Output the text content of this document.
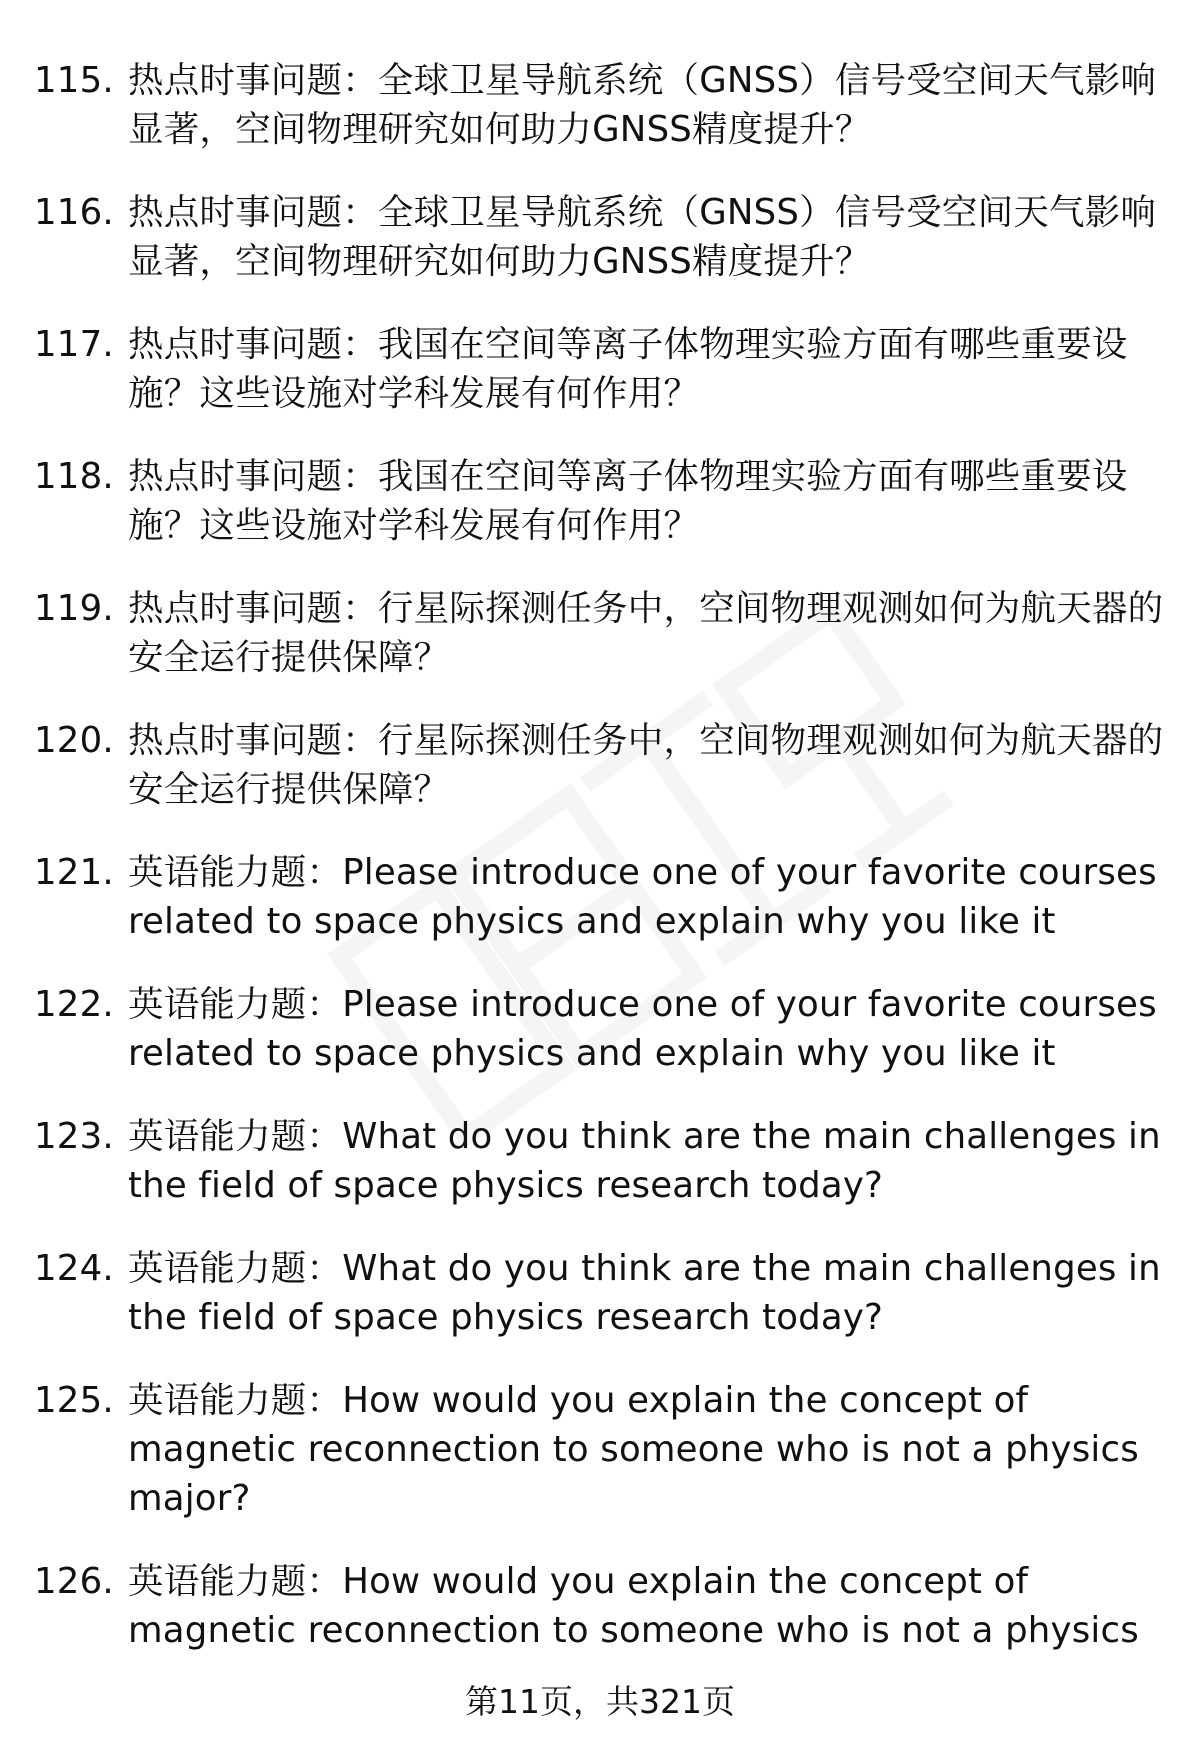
115. 热点时事问题：全球卫星导航系统（GNSS）信号受空间天气影响显著，空间物理研究如何助力GNSS精度提升？
116. 热点时事问题：全球卫星导航系统（GNSS）信号受空间天气影响显著，空间物理研究如何助力GNSS精度提升？
117. 热点时事问题：我国在空间等离子体物理实验方面有哪些重要设施？这些设施对学科发展有何作用？
118. 热点时事问题：我国在空间等离子体物理实验方面有哪些重要设施？这些设施对学科发展有何作用？
119. 热点时事问题：行星际探测任务中，空间物理观测如何为航天器的安全运行提供保障？
120. 热点时事问题：行星际探测任务中，空间物理观测如何为航天器的安全运行提供保障？
121. 英语能力题：Please introduce one of your favorite courses related to space physics and explain why you like it
122. 英语能力题：Please introduce one of your favorite courses related to space physics and explain why you like it
123. 英语能力题：What do you think are the main challenges in the field of space physics research today?
124. 英语能力题：What do you think are the main challenges in the field of space physics research today?
125. 英语能力题：How would you explain the concept of magnetic reconnection to someone who is not a physics major?
126. 英语能力题：How would you explain the concept of magnetic reconnection to someone who is not a physics
第11页，共321页
